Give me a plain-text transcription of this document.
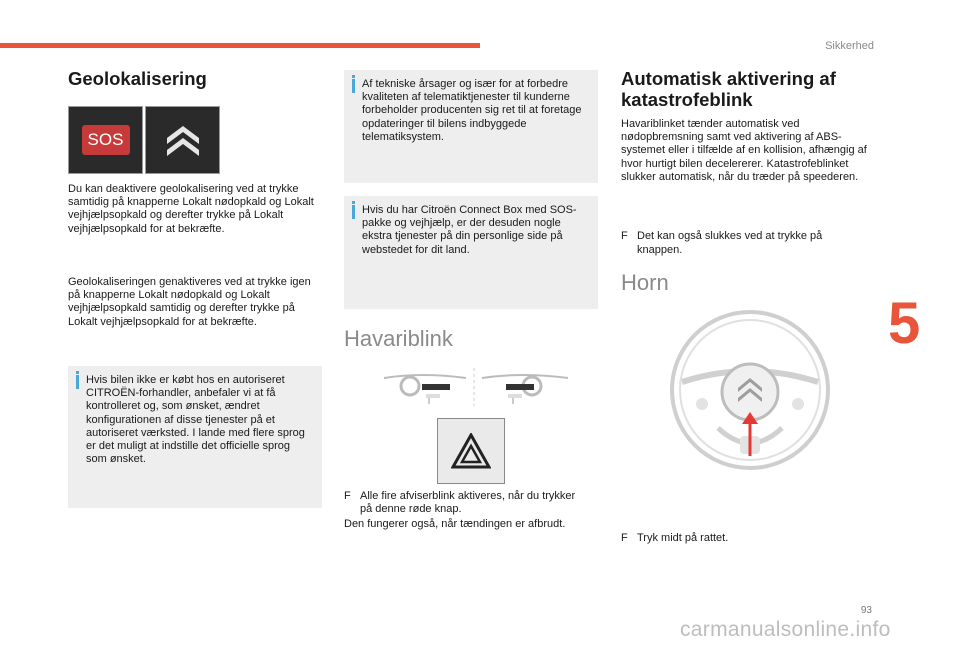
Sikkerhed
5
Geolokalisering
SOS

Du kan deaktivere geolokalisering ved at trykke samtidig på knapperne Lokalt nødopkald og Lokalt vejhjælpsopkald og derefter trykke på Lokalt vejhjælpsopkald for at bekræfte.

Geolokaliseringen genaktiveres ved at trykke igen på knapperne Lokalt nødopkald og Lokalt vejhjælpsopkald samtidig og derefter trykke på Lokalt vejhjælpsopkald for at bekræfte.

Hvis bilen ikke er købt hos en autoriseret CITROËN-forhandler, anbefaler vi at få kontrolleret og, som ønsket, ændret konfigurationen af disse tjenester på et autoriseret værksted. I lande med flere sprog er det muligt at indstille det officielle sprog som ønsket.

Af tekniske årsager og især for at forbedre kvaliteten af telematiktjenester til kunderne forbeholder producenten sig ret til at foretage opdateringer til bilens indbyggede telematiksystem.

Hvis du har Citroën Connect Box med SOS-pakke og vejhjælp, er der desuden nogle ekstra tjenester på din personlige side på webstedet for dit land.

Havariblink
F Alle fire afviserblink aktiveres, når du trykker på denne røde knap.

Den fungerer også, når tændingen er afbrudt.

Automatisk aktivering af katastrofeblink

Havariblinket tænder automatisk ved nødopbremsning samt ved aktivering af ABS-systemet eller i tilfælde af en kollision, afhængig af hvor hurtigt bilen decelererer. Katastrofeblinket slukker automatisk, når du træder på speederen.

F Det kan også slukkes ved at trykke på knappen.
Horn
F Tryk midt på rattet.
93
carmanualsonline.info
